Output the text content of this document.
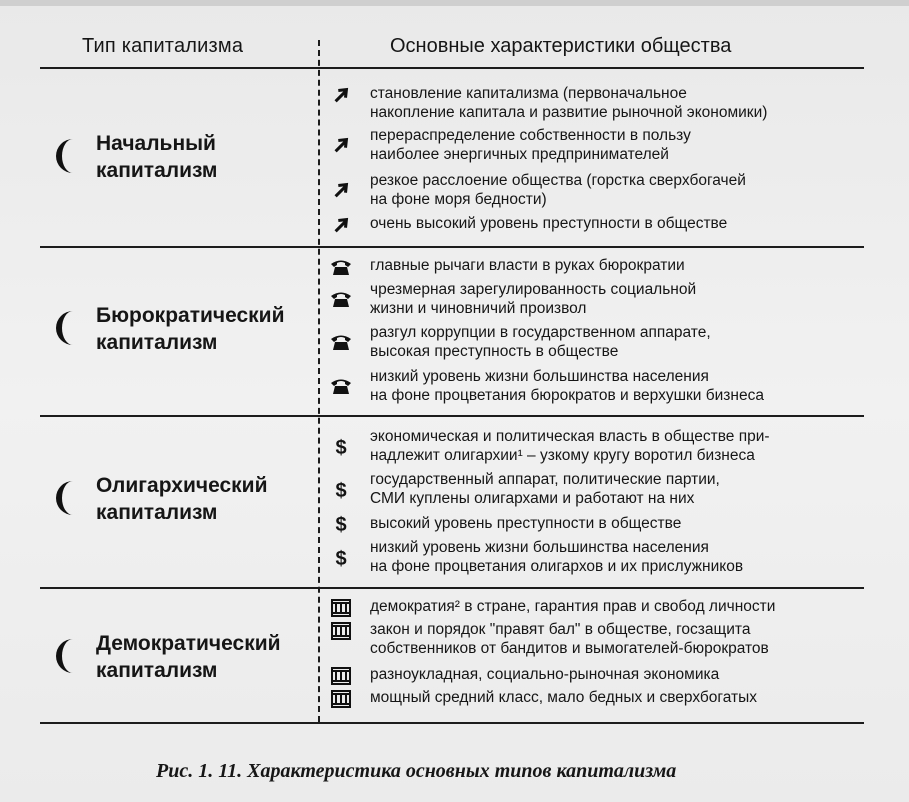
Тип капитализма	Основные характеристики общества
Начальный
капитализм
становление капитализма (первоначальное
накопление капитала и развитие рыночной экономики)
перераспределение собственности в пользу
наиболее энергичных предпринимателей
резкое расслоение общества (горстка сверхбогачей
на фоне моря бедности)
очень высокий уровень преступности в обществе
Бюрократический
капитализм
главные рычаги власти в руках бюрократии
чрезмерная зарегулированность социальной
жизни и чиновничий произвол
разгул коррупции в государственном аппарате,
высокая преступность в обществе
низкий уровень жизни большинства населения
на фоне процветания бюрократов и верхушки бизнеса
Олигархический
капитализм
$
экономическая и политическая власть в обществе при-
надлежит олигархии¹ – узкому кругу воротил бизнеса
$
государственный аппарат, политические партии,
СМИ куплены олигархами и работают на них
$	высокий уровень преступности в обществе
$
низкий уровень жизни большинства населения
на фоне процветания олигархов и их прислужников
Демократический
капитализм
демократия² в стране, гарантия прав и свобод личности
закон и порядок "правят бал" в обществе, госзащита
собственников от бандитов и вымогателей-бюрократов
разноукладная, социально-рыночная экономика
мощный средний класс, мало бедных и сверхбогатых
Рис. 1. 11. Характеристика основных типов капитализма
